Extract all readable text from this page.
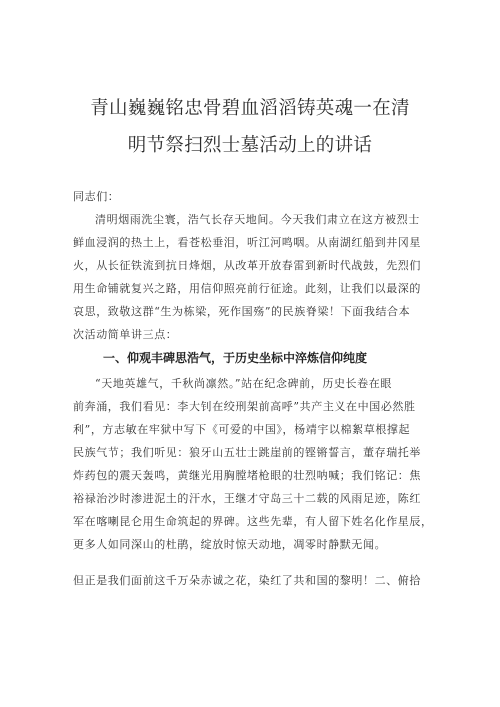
青山巍巍铭忠骨碧血滔滔铸英魂一在清
明节祭扫烈士墓活动上的讲话
同志们：
清明烟雨洗尘寰，浩气长存天地间。今天我们肃立在这方被烈士
鲜血浸润的热土上，看苍松垂泪，听江河鸣咽。从南湖红船到井冈星
火，从长征铁流到抗日烽烟，从改革开放春雷到新时代战鼓，先烈们
用生命铺就复兴之路，用信仰照亮前行征途。此刻，让我们以最深的
哀思，致敬这群“生为栋梁，死作国殇”的民族脊梁！下面我结合本
次活动简单讲三点：
一、仰观丰碑思浩气，于历史坐标中淬炼信仰纯度
“天地英雄气，千秋尚凛然。”站在纪念碑前，历史长卷在眼
前奔涌，我们看见：李大钊在绞刑架前高呼”共产主义在中国必然胜
利”，方志敏在牢狱中写下《可爱的中国》，杨靖宇以棉絮草根撑起
民族气节；我们听见：狼牙山五壮士跳崖前的铿锵誓言，董存瑞托举
炸药包的震天轰鸣，黄继光用胸膛堵枪眼的壮烈呐喊；我们铭记：焦
裕禄治沙时渗进泥土的汗水，王继才守岛三十二载的风雨足迹，陈红
军在喀喇昆仑用生命筑起的界碑。这些先辈，有人留下姓名化作星辰，
更多人如同深山的杜鹃，绽放时惊天动地，凋零时静默无闻。
但正是我们面前这千万朵赤诚之花，染红了共和国的黎明！二、俯拾
